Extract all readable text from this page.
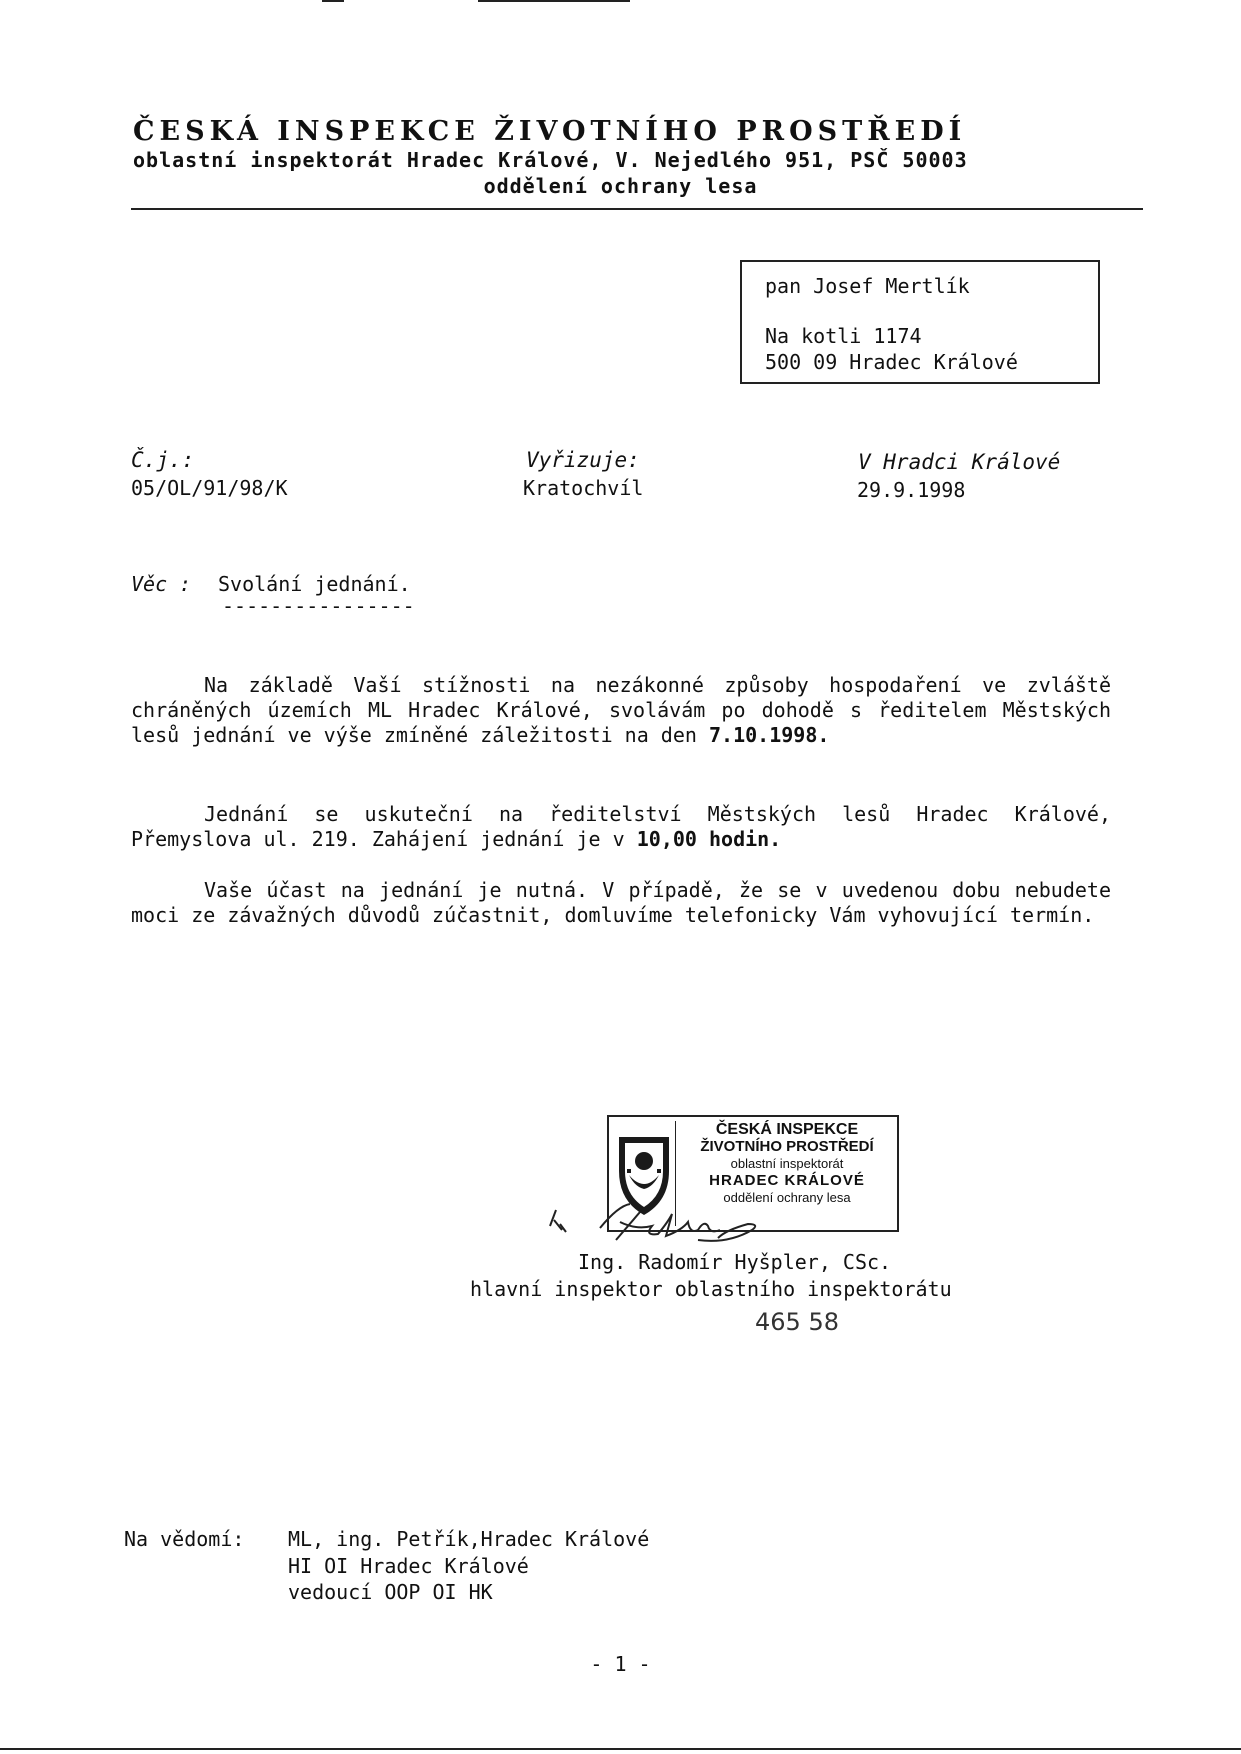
ČESKÁ INSPEKCE ŽIVOTNÍHO PROSTŘEDÍ
oblastní inspektorát Hradec Králové, V. Nejedlého 951, PSČ 50003
oddělení ochrany lesa
pan Josef Mertlík
Na kotli 1174
500 09 Hradec Králové
Č.j.:
05/OL/91/98/K
Vyřizuje:
Kratochvíl
V Hradci Králové
29.9.1998
Věc : Svolání jednání.
----------------
Na základě Vaší stížnosti na nezákonné způsoby hospodaření ve zvláště chráněných územích ML Hradec Králové, svolávám po dohodě s ředitelem Městských lesů jednání ve výše zmíněné záležitosti na den 7.10.1998.
Jednání se uskuteční na ředitelství Městských lesů Hradec Králové, Přemyslova ul. 219. Zahájení jednání je v 10,00 hodin.
Vaše účast na jednání je nutná. V případě, že se v uvedenou dobu nebudete moci ze závažných důvodů zúčastnit, domluvíme telefonicky Vám vyhovující termín.
ČESKÁ INSPEKCE
ŽIVOTNÍHO PROSTŘEDÍ
oblastní inspektorát
HRADEC KRÁLOVÉ
oddělení ochrany lesa
Ing. Radomír Hyšpler, CSc.
hlavní inspektor oblastního inspektorátu
465 58
Na vědomí: ML, ing. Petřík,Hradec Králové
HI OI Hradec Králové
vedoucí OOP OI HK
- 1 -
